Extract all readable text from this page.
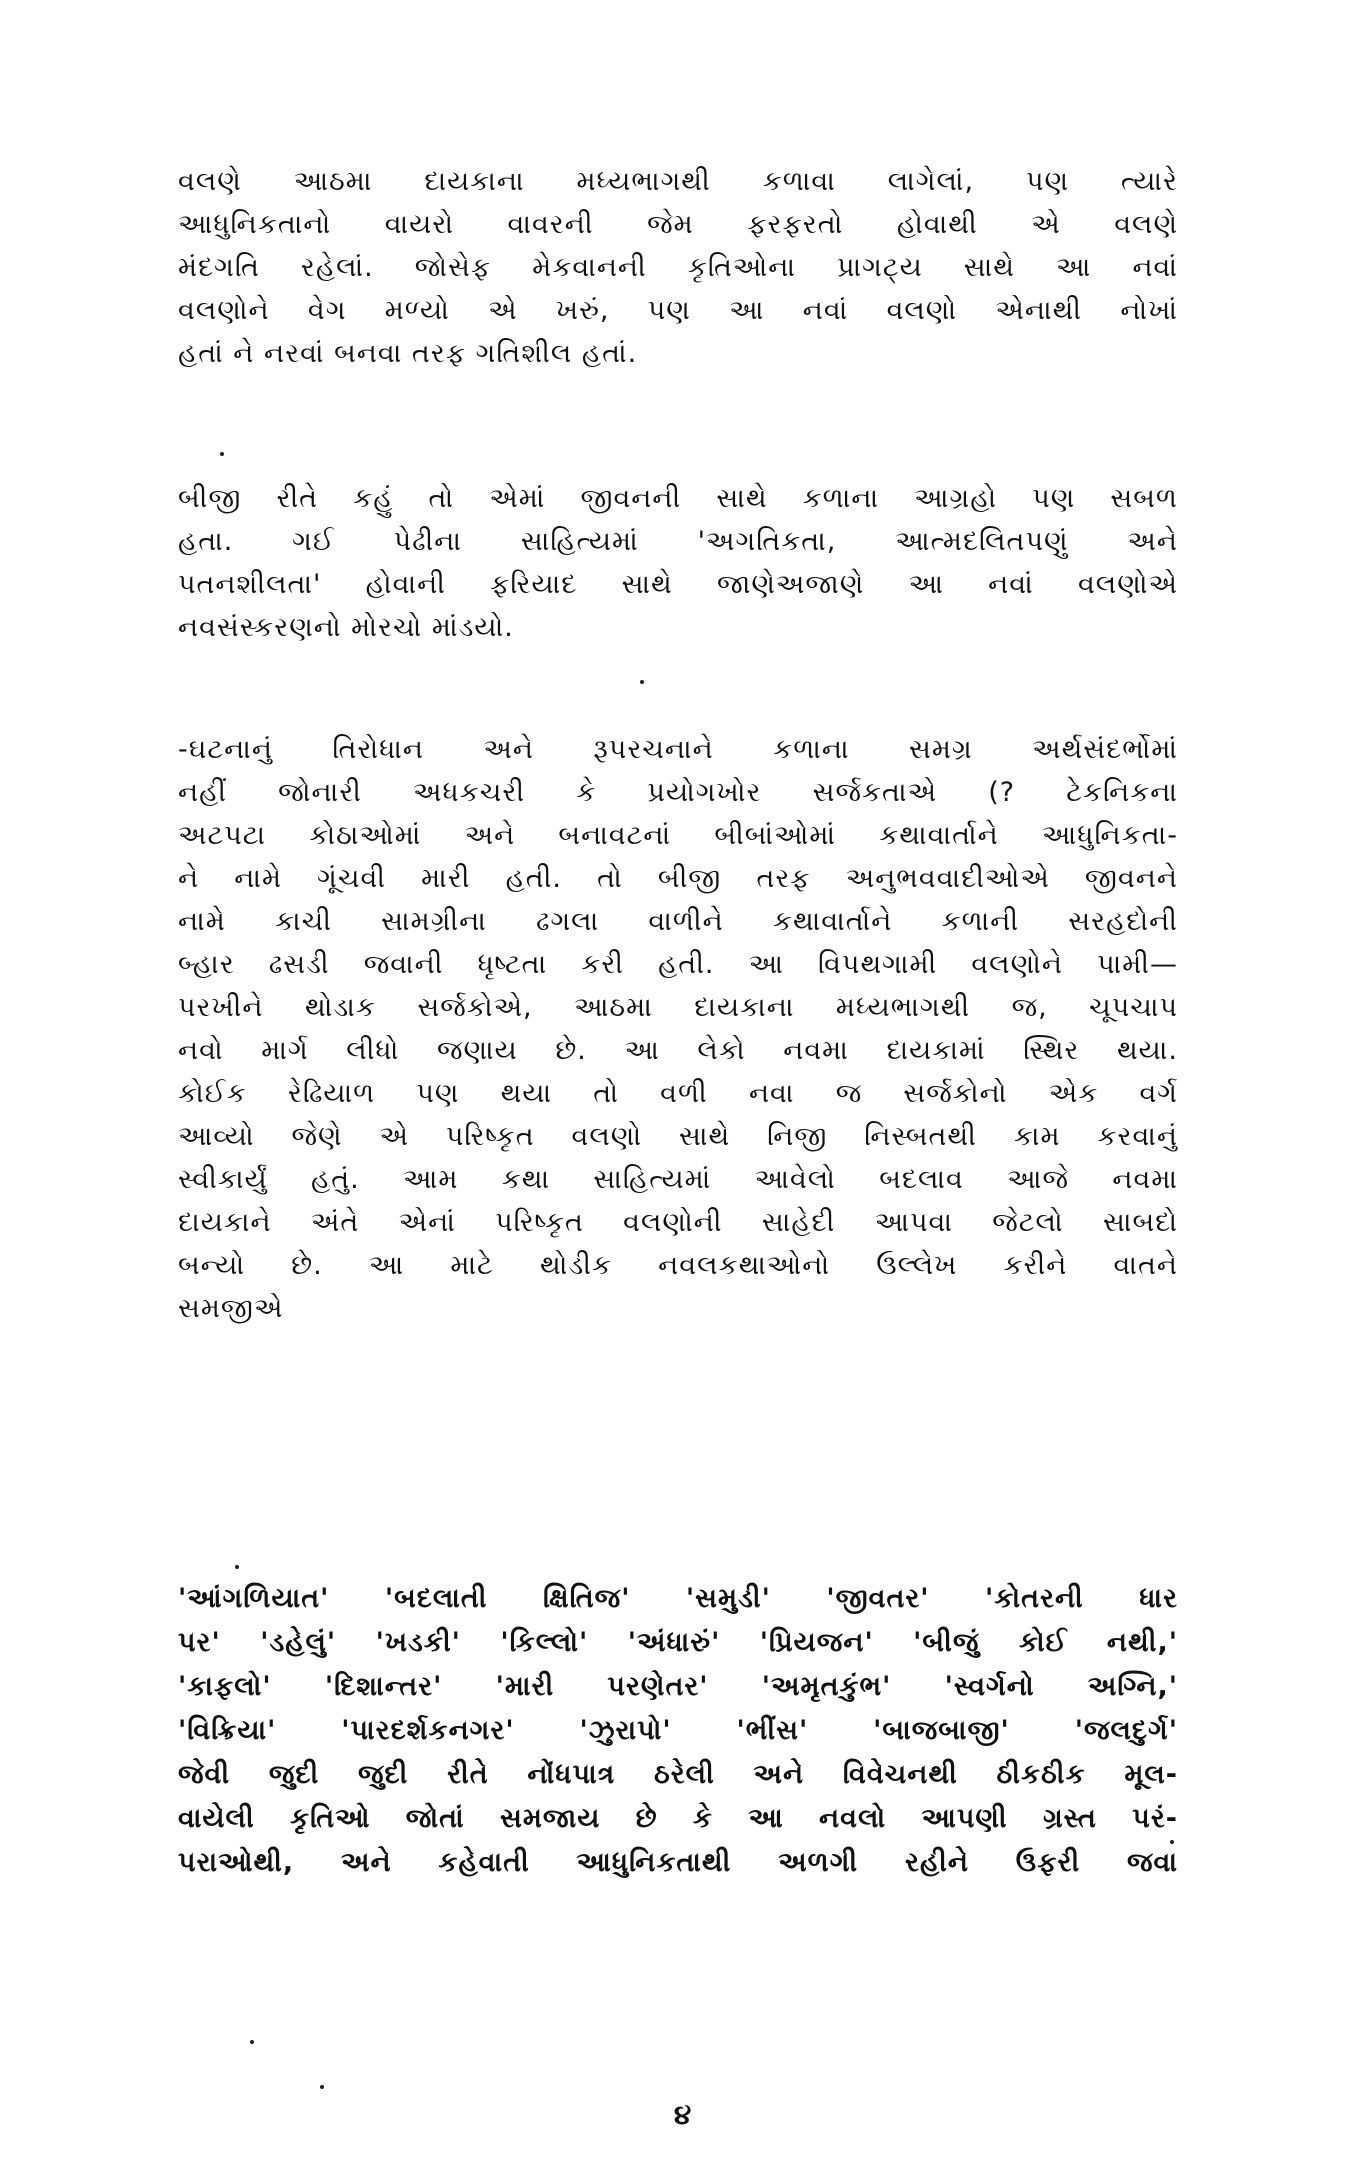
વલણે આઠમા દાયકાના મધ્યભાગથી કળાવા લાગેલાં, પણ ત્યારે
આધુનિકતાનો વાયરો વાવરની જેમ ફરફરતો હોવાથી એ વલણે
મંદગતિ રહેલાં. જોસેફ મેકવાનની કૃતિઓના પ્રાગટ્ય સાથે આ નવાં
વલણોને વેગ મળ્યો એ ખરું, પણ આ નવાં વલણો એનાથી નોખાં
હતાં ને નરવાં બનવા તરફ ગતિશીલ હતાં.
બીજી રીતે કહું તો એમાં જીવનની સાથે કળાના આગ્રહો પણ સબળ
હતા. ગઈ પેઢીના સાહિત્યમાં 'અગતિકતા, આત્મદલિતપણું અને
પતનશીલતા' હોવાની ફરિયાદ સાથે જાણેઅજાણે આ નવાં વલણોએ
નવસંસ્કરણનો મોરચો માંડયો.
-ઘટનાનું તિરોધાન અને રૂપરચનાને કળાના સમગ્ર અર્થસંદર્ભોમાં
નહીં જોનારી અધકચરી કે પ્રયોગખોર સર્જકતાએ (? ટેકનિકના
અટપટા કોઠાઓમાં અને બનાવટનાં બીબાંઓમાં કથાવાર્તાને આધુનિકતા-
ને નામે ગૂંચવી મારી હતી. તો બીજી તરફ અનુભવવાદીઓએ જીવનને
નામે કાચી સામગ્રીના ઢગલા વાળીને કથાવાર્તાને કળાની સરહદોની
બ્હાર ઢસડી જવાની ધૃષ્ટતા કરી હતી. આ વિપથગામી વલણોને પામી—
પરખીને થોડાક સર્જકોએ, આઠમા દાયકાના મધ્યભાગથી જ, ચૂપચાપ
નવો માર્ગ લીધો જણાય છે. આ લેકો નવમા દાયકામાં સ્થિર થયા.
કોઈક રેઢિયાળ પણ થયા તો વળી નવા જ સર્જકોનો એક વર્ગ
આવ્યો જેણે એ પરિષ્કૃત વલણો સાથે નિજી નિસ્બતથી કામ કરવાનું
સ્વીકાર્યું હતું. આમ કથા સાહિત્યમાં આવેલો બદલાવ આજે નવમા
દાયકાને અંતે એનાં પરિષ્કૃત વલણોની સાહેદી આપવા જેટલો સાબદો
બન્યો છે. આ માટે થોડીક નવલકથાઓનો ઉલ્લેખ કરીને વાતને
સમજીએ
'આંગળિયાત' 'બદલાતી ક્ષિતિજ' 'સમુડી' 'જીવતર' 'કોતરની ધાર
પર' 'ડહેલું' 'ખડકી' 'કિલ્લો' 'અંધારું' 'પ્રિયજન' 'બીજું કોઈ નથી,'
'કાફલો' 'દિશાન્તર' 'મારી પરણેતર' 'અમૃતકુંભ' 'સ્વર્ગનો અગ્નિ,'
'વિક્રિયા' 'પારદર્શકનગર' 'ઝુરાપો' 'ભીંસ' 'બાજબાજી' 'જલદુર્ગ'
જેવી જુદી જુદી રીતે નોંધપાત્ર ઠરેલી અને વિવેચનથી ઠીકઠીક મૂલ-
વાયેલી કૃતિઓ જોતાં સમજાય છે કે આ નવલો આપણી ગ્રસ્ત પરં-
પરાઓથી, અને કહેવાતી આધુનિકતાથી અળગી રહીને ઉફરી જવા
૪
